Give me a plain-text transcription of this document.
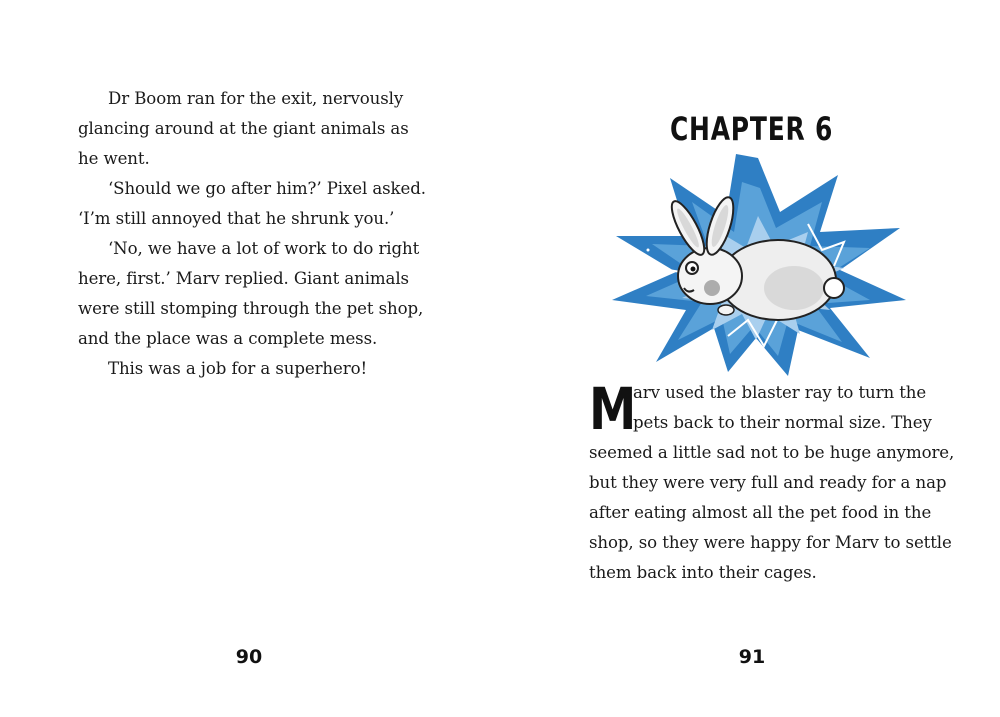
Dr Boom ran for the exit, nervously

glancing around at the giant animals as

he went.

‘Should we go after him?’ Pixel asked.

‘I’m still annoyed that he shrunk you.’

‘No, we have a lot of work to do right

here, first.’ Marv replied. Giant animals

were still stomping through the pet shop,

and the place was a complete mess.

This was a job for a superhero!

90
CHAPTER 6
M

arv used the blaster ray to turn the

pets back to their normal size. They

seemed a little sad not to be huge anymore,

but they were very full and ready for a nap

after eating almost all the pet food in the

shop, so they were happy for Marv to settle

them back into their cages.

91
